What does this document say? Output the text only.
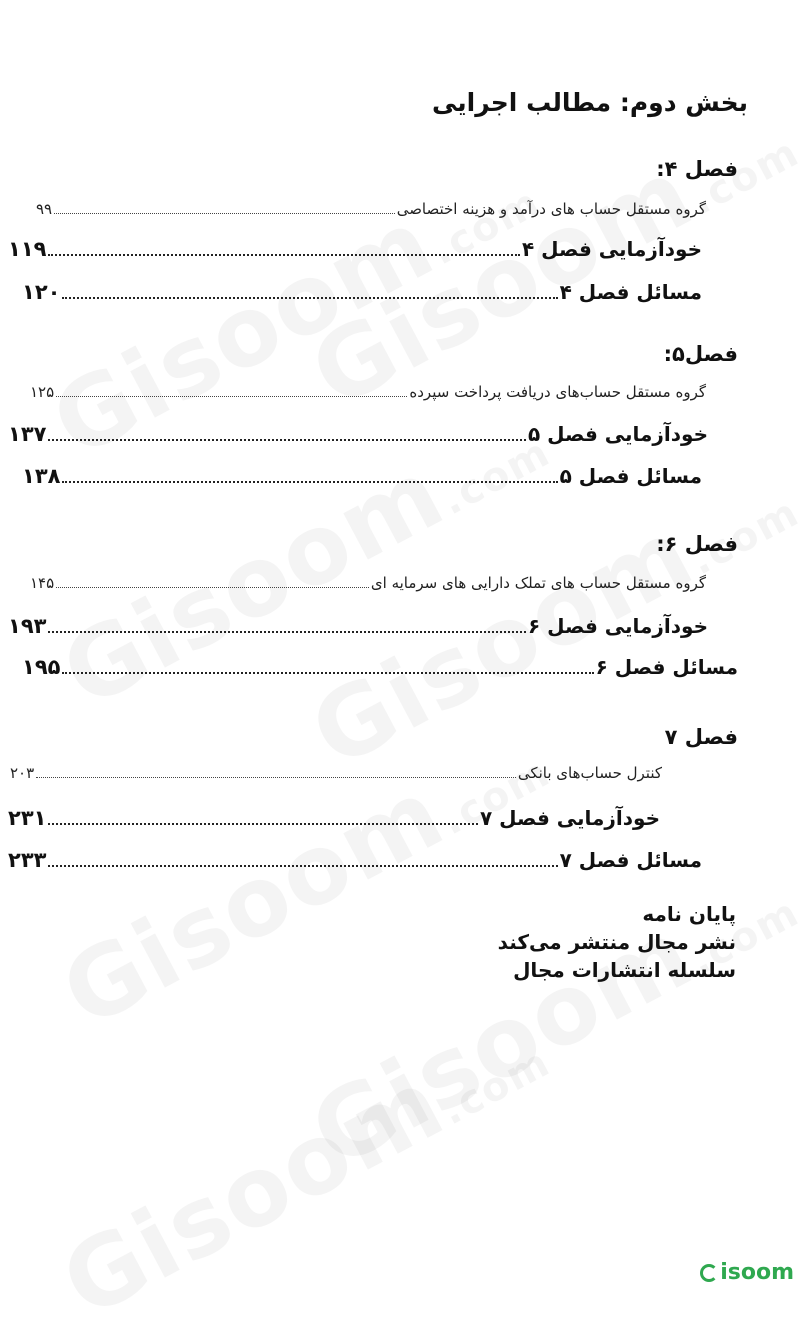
بخش دوم: مطالب اجرایی
فصل ۴:
گروه مستقل حساب های درآمد و هزینه اختصاصی
۹۹
خودآزمایی فصل ۴
۱۱۹
مسائل فصل ۴
۱۲۰
فصل۵:
گروه مستقل حساب‌های دریافت پرداخت سپرده
۱۲۵
خودآزمایی فصل ۵
۱۳۷
مسائل فصل ۵
۱۳۸
فصل ۶:
گروه مستقل حساب های تملک دارایی های سرمایه ای
۱۴۵
خودآزمایی فصل ۶
۱۹۳
مسائل فصل ۶
۱۹۵
فصل ۷
کنترل حساب‌های بانکی
۲۰۳
خودآزمایی فصل ۷
۲۳۱
مسائل فصل ۷
۲۳۳
پایان نامه
نشر مجال منتشر می‌کند
سلسله انتشارات مجال
isoom
